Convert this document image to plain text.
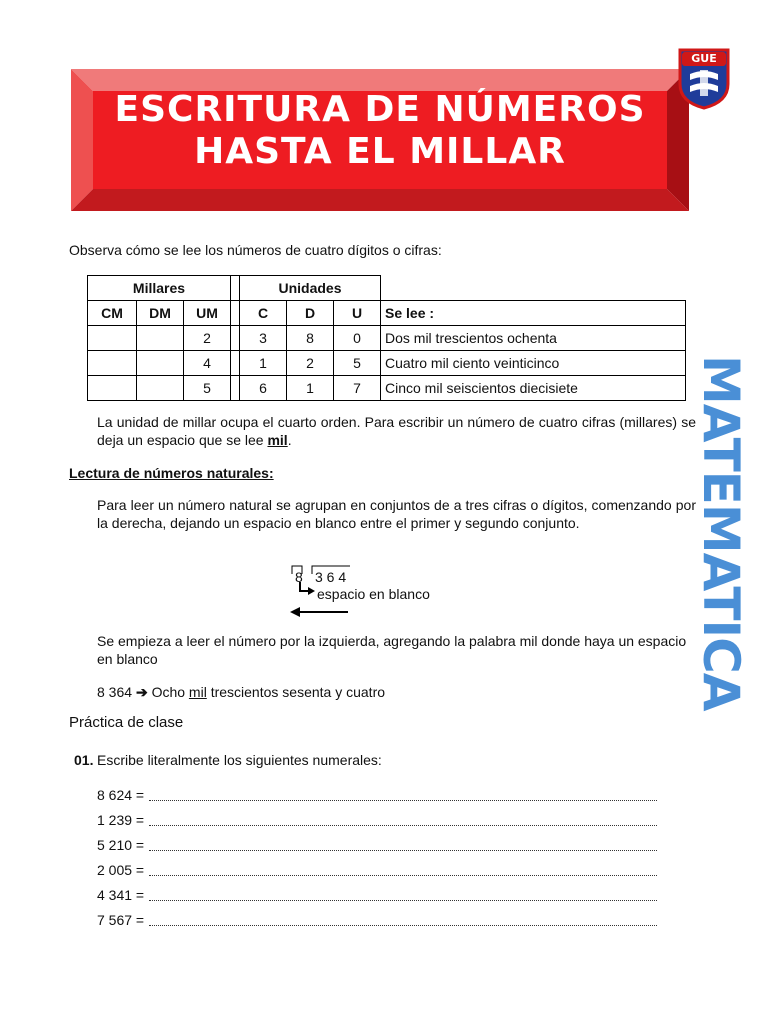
ESCRITURA DE NÚMEROS
HASTA EL MILLAR
GUE
MATEMATICA
Observa cómo se lee los números de cuatro dígitos o cifras:
Millares				Unidades			
CM	DM	UM		C	D	U	Se lee :
		2		3	8	0	Dos mil trescientos ochenta
		4		1	2	5	Cuatro mil ciento veinticinco
		5		6	1	7	Cinco mil seiscientos diecisiete
La unidad de millar ocupa el cuarto orden. Para escribir un número de cuatro cifras (millares) se deja un espacio que se lee mil.
Lectura de números naturales:
Para leer un número natural se agrupan en conjuntos de a tres cifras o dígitos, comenzando por la derecha, dejando un espacio en blanco entre el primer y segundo conjunto.
8 3 6 4
espacio en blanco
Se empieza a leer el número por la izquierda, agregando la palabra mil donde haya un espacio en blanco
8 364 ➔ Ocho mil trescientos sesenta y cuatro
Práctica de clase
01. Escribe literalmente los siguientes numerales:
8 624 =
1 239 =
5 210 =
2 005 =
4 341 =
7 567 =
